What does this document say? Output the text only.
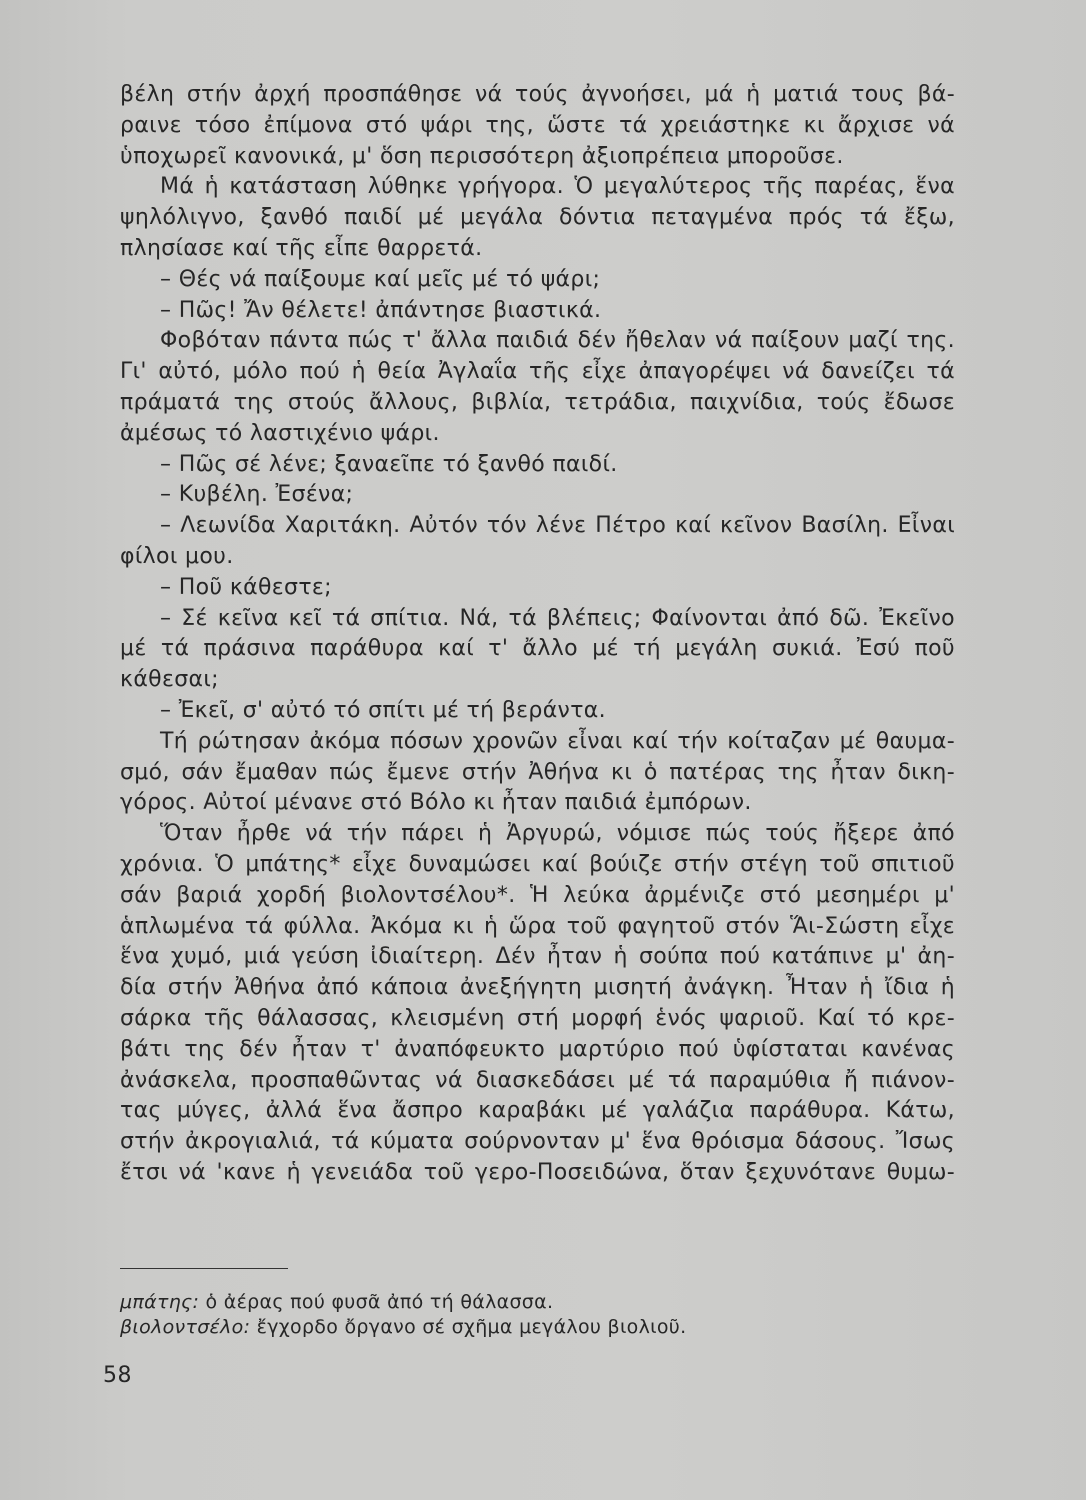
βέλη στήν ἀρχή προσπάθησε νά τούς ἀγνοήσει, μά ἡ ματιά τους βά-
ραινε τόσο ἐπίμονα στό ψάρι της, ὥστε τά χρειάστηκε κι ἄρχισε νά
ὑποχωρεῖ κανονικά, μ' ὅση περισσότερη ἀξιοπρέπεια μποροῦσε.
Μά ἡ κατάσταση λύθηκε γρήγορα. Ὁ μεγαλύτερος τῆς παρέας, ἕνα
ψηλόλιγνο, ξανθό παιδί μέ μεγάλα δόντια πεταγμένα πρός τά ἔξω,
πλησίασε καί τῆς εἶπε θαρρετά.
– Θές νά παίξουμε καί μεῖς μέ τό ψάρι;
– Πῶς! Ἄν θέλετε! ἀπάντησε βιαστικά.
Φοβόταν πάντα πώς τ' ἄλλα παιδιά δέν ἤθελαν νά παίξουν μαζί της.
Γι' αὐτό, μόλο πού ἡ θεία Ἀγλαΐα τῆς εἶχε ἀπαγορέψει νά δανείζει τά
πράματά της στούς ἄλλους, βιβλία, τετράδια, παιχνίδια, τούς ἔδωσε
ἀμέσως τό λαστιχένιο ψάρι.
– Πῶς σέ λένε; ξαναεῖπε τό ξανθό παιδί.
– Κυβέλη. Ἐσένα;
– Λεωνίδα Χαριτάκη. Αὐτόν τόν λένε Πέτρο καί κεῖνον Βασίλη. Εἶναι
φίλοι μου.
– Ποῦ κάθεστε;
– Σέ κεῖνα κεῖ τά σπίτια. Νά, τά βλέπεις; Φαίνονται ἀπό δῶ. Ἐκεῖνο
μέ τά πράσινα παράθυρα καί τ' ἄλλο μέ τή μεγάλη συκιά. Ἐσύ ποῦ
κάθεσαι;
– Ἐκεῖ, σ' αὐτό τό σπίτι μέ τή βεράντα.
Τή ρώτησαν ἀκόμα πόσων χρονῶν εἶναι καί τήν κοίταζαν μέ θαυμα-
σμό, σάν ἔμαθαν πώς ἔμενε στήν Ἀθήνα κι ὁ πατέρας της ἦταν δικη-
γόρος. Αὐτοί μένανε στό Βόλο κι ἦταν παιδιά ἐμπόρων.
Ὅταν ἦρθε νά τήν πάρει ἡ Ἀργυρώ, νόμισε πώς τούς ἤξερε ἀπό
χρόνια. Ὁ μπάτης* εἶχε δυναμώσει καί βούιζε στήν στέγη τοῦ σπιτιοῦ
σάν βαριά χορδή βιολοντσέλου*. Ἡ λεύκα ἀρμένιζε στό μεσημέρι μ'
ἁπλωμένα τά φύλλα. Ἀκόμα κι ἡ ὥρα τοῦ φαγητοῦ στόν Ἅι-Σώστη εἶχε
ἕνα χυμό, μιά γεύση ἰδιαίτερη. Δέν ἦταν ἡ σούπα πού κατάπινε μ' ἀη-
δία στήν Ἀθήνα ἀπό κάποια ἀνεξήγητη μισητή ἀνάγκη. Ἦταν ἡ ἴδια ἡ
σάρκα τῆς θάλασσας, κλεισμένη στή μορφή ἑνός ψαριοῦ. Καί τό κρε-
βάτι της δέν ἦταν τ' ἀναπόφευκτο μαρτύριο πού ὑφίσταται κανένας
ἀνάσκελα, προσπαθῶντας νά διασκεδάσει μέ τά παραμύθια ἤ πιάνον-
τας μύγες, ἀλλά ἕνα ἄσπρο καραβάκι μέ γαλάζια παράθυρα. Κάτω,
στήν ἀκρογιαλιά, τά κύματα σούρνονταν μ' ἕνα θρόισμα δάσους. Ἴσως
ἔτσι νά 'κανε ἡ γενειάδα τοῦ γερο-Ποσειδώνα, ὅταν ξεχυνότανε θυμω-
μπάτης: ὁ ἀέρας πού φυσᾶ ἀπό τή θάλασσα.
βιολοντσέλο: ἔγχορδο ὄργανο σέ σχῆμα μεγάλου βιολιοῦ.
58
